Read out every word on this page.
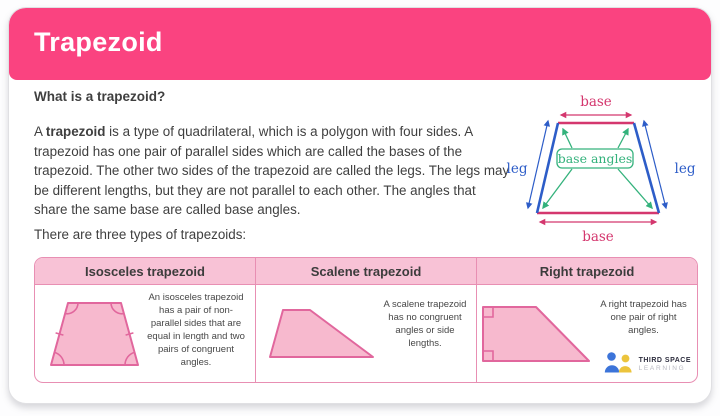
Trapezoid
What is a trapezoid?

A trapezoid is a type of quadrilateral, which is a polygon with four sides. A trapezoid has one pair of parallel sides which are called the bases of the trapezoid. The other two sides of the trapezoid are called the legs. The legs may be different lengths, but they are not parallel to each other. The angles that share the same base are called base angles.

base angles
base
base
leg	leg
There are three types of trapezoids:
Isosceles trapezoid	Scalene trapezoid	Right trapezoid
An isosceles trapezoid has a pair of non-parallel sides that are equal in length and two pairs of congruent angles.
A scalene trapezoid has no congruent angles or side lengths.
A right trapezoid has one pair of right angles.
THIRD SPACE
LEARNING
